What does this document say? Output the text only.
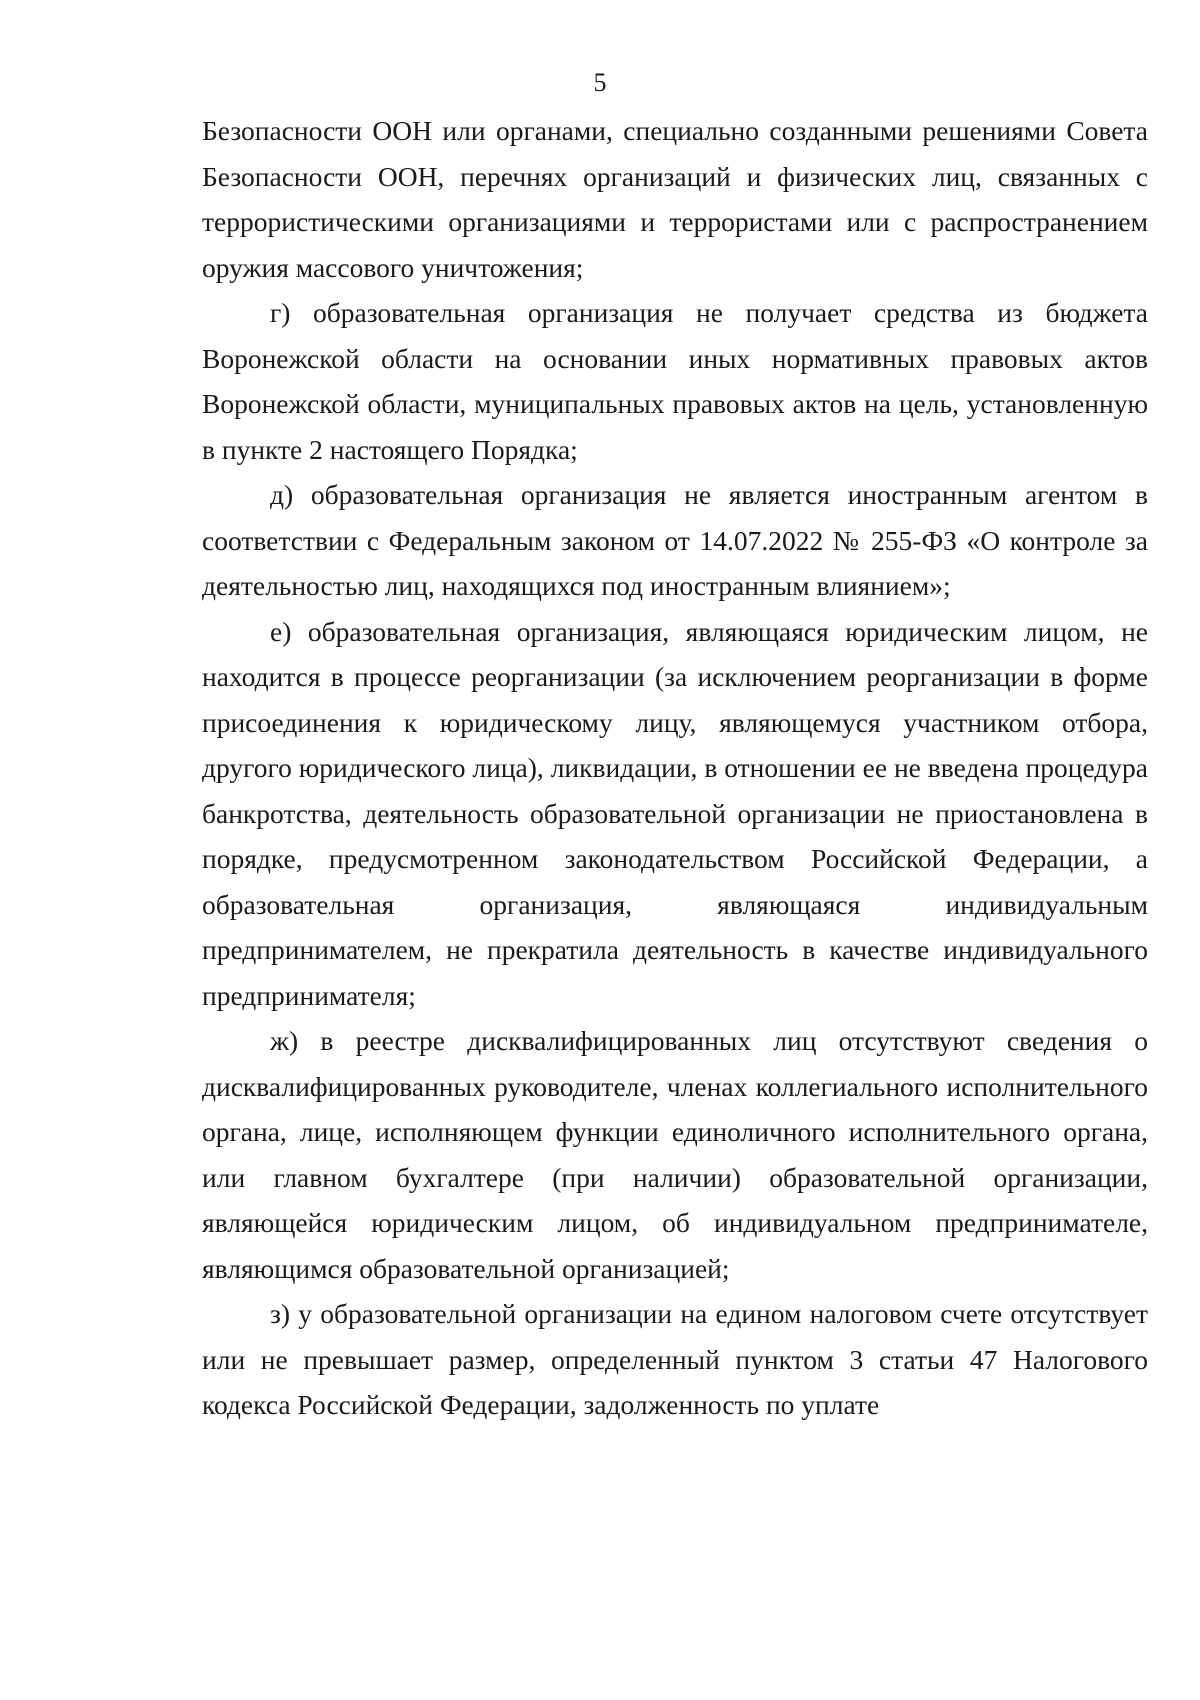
5

Безопасности ООН или органами, специально созданными решениями Совета Безопасности ООН, перечнях организаций и физических лиц, связанных с террористическими организациями и террористами или с распространением оружия массового уничтожения;

г) образовательная организация не получает средства из бюджета Воронежской области на основании иных нормативных правовых актов Воронежской области, муниципальных правовых актов на цель, установленную в пункте 2 настоящего Порядка;

д) образовательная организация не является иностранным агентом в соответствии с Федеральным законом от 14.07.2022 № 255-ФЗ «О контроле за деятельностью лиц, находящихся под иностранным влиянием»;

е) образовательная организация, являющаяся юридическим лицом, не находится в процессе реорганизации (за исключением реорганизации в форме присоединения к юридическому лицу, являющемуся участником отбора, другого юридического лица), ликвидации, в отношении ее не введена процедура банкротства, деятельность образовательной организации не приостановлена в порядке, предусмотренном законодательством Российской Федерации, а образовательная организация, являющаяся индивидуальным предпринимателем, не прекратила деятельность в качестве индивидуального предпринимателя;

ж) в реестре дисквалифицированных лиц отсутствуют сведения о дисквалифицированных руководителе, членах коллегиального исполнительного органа, лице, исполняющем функции единоличного исполнительного органа, или главном бухгалтере (при наличии) образовательной организации, являющейся юридическим лицом, об индивидуальном предпринимателе, являющимся образовательной организацией;

з) у образовательной организации на едином налоговом счете отсутствует или не превышает размер, определенный пунктом 3 статьи 47 Налогового кодекса Российской Федерации, задолженность по уплате
